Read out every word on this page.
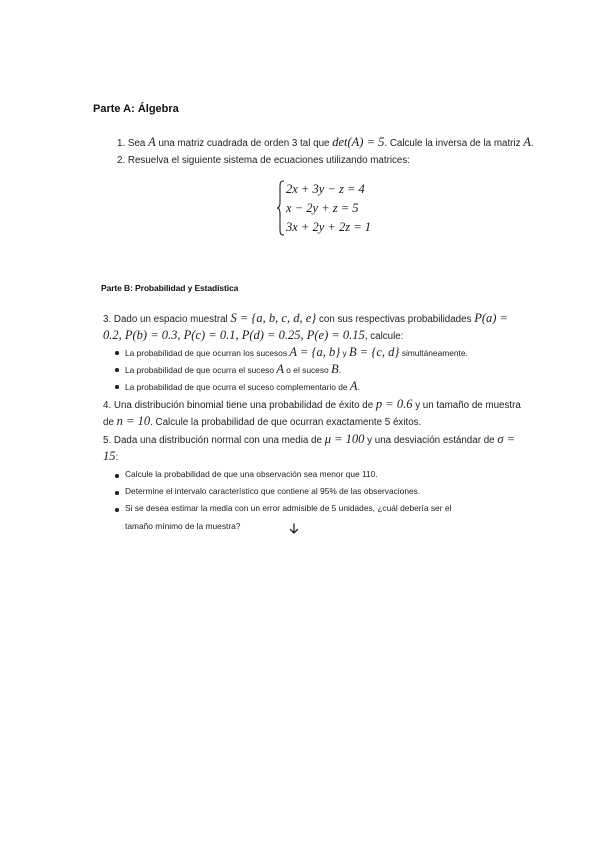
Parte A: Álgebra
1. Sea A una matriz cuadrada de orden 3 tal que det(A) = 5. Calcule la inversa de la matriz A.
2. Resuelva el siguiente sistema de ecuaciones utilizando matrices:
2x + 3y − z = 4
x − 2y + z = 5
3x + 2y + 2z = 1
Parte B: Probabilidad y Estadística
3. Dado un espacio muestral S = {a, b, c, d, e} con sus respectivas probabilidades P(a) =
0.2, P(b) = 0.3, P(c) = 0.1, P(d) = 0.25, P(e) = 0.15, calcule:
La probabilidad de que ocurran los sucesos A = {a, b} y B = {c, d} simultáneamente.
La probabilidad de que ocurra el suceso A o el suceso B.
La probabilidad de que ocurra el suceso complementario de A.
4. Una distribución binomial tiene una probabilidad de éxito de p = 0.6 y un tamaño de muestra
de n = 10. Calcule la probabilidad de que ocurran exactamente 5 éxitos.
5. Dada una distribución normal con una media de μ = 100 y una desviación estándar de σ =
15:
Calcule la probabilidad de que una observación sea menor que 110.
Determine el intervalo característico que contiene al 95% de las observaciones.
Si se desea estimar la media con un error admisible de 5 unidades, ¿cuál debería ser el
tamaño mínimo de la muestra?
